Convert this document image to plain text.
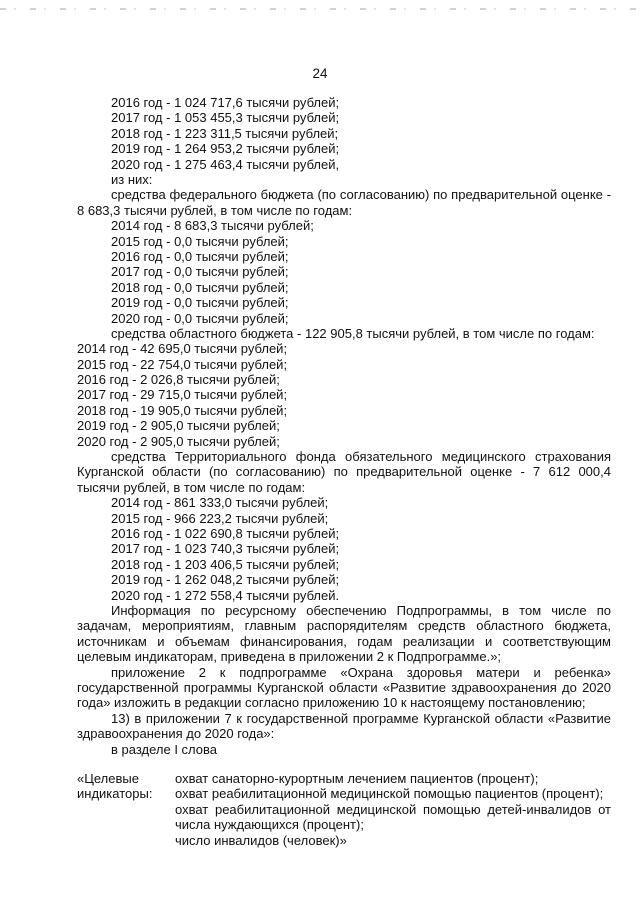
24
2016 год - 1 024 717,6 тысячи рублей;
2017 год - 1 053 455,3 тысячи рублей;
2018 год - 1 223 311,5 тысячи рублей;
2019 год - 1 264 953,2 тысячи рублей;
2020 год - 1 275 463,4 тысячи рублей,
из них:
средства федерального бюджета (по согласованию) по предварительной оценке - 8 683,3 тысячи рублей, в том числе по годам:
2014 год - 8 683,3 тысячи рублей;
2015 год - 0,0 тысячи рублей;
2016 год - 0,0 тысячи рублей;
2017 год - 0,0 тысячи рублей;
2018 год - 0,0 тысячи рублей;
2019 год - 0,0 тысячи рублей;
2020 год - 0,0 тысячи рублей;
средства областного бюджета - 122 905,8 тысячи рублей, в том числе по годам:
2014 год - 42 695,0 тысячи рублей;
2015 год - 22 754,0 тысячи рублей;
2016 год - 2 026,8 тысячи рублей;
2017 год - 29 715,0 тысячи рублей;
2018 год - 19 905,0 тысячи рублей;
2019 год - 2 905,0 тысячи рублей;
2020 год - 2 905,0 тысячи рублей;
средства Территориального фонда обязательного медицинского страхования Курганской области (по согласованию) по предварительной оценке - 7 612 000,4 тысячи рублей, в том числе по годам:
2014 год - 861 333,0 тысячи рублей;
2015 год - 966 223,2 тысячи рублей;
2016 год - 1 022 690,8 тысячи рублей;
2017 год - 1 023 740,3 тысячи рублей;
2018 год - 1 203 406,5 тысячи рублей;
2019 год - 1 262 048,2 тысячи рублей;
2020 год - 1 272 558,4 тысячи рублей.
Информация по ресурсному обеспечению Подпрограммы, в том числе по задачам, мероприятиям, главным распорядителям средств областного бюджета, источникам и объемам финансирования, годам реализации и соответствующим целевым индикаторам, приведена в приложении 2 к Подпрограмме.»;
приложение 2 к подпрограмме «Охрана здоровья матери и ребенка» государственной программы Курганской области «Развитие здравоохранения до 2020 года» изложить в редакции согласно приложению 10 к настоящему постановлению;
13) в приложении 7 к государственной программе Курганской области «Развитие здравоохранения до 2020 года»:
в разделе I слова
«Целевые индикаторы:
охват санаторно-курортным лечением пациентов (процент);
охват реабилитационной медицинской помощью пациентов (процент);
охват реабилитационной медицинской помощью детей-инвалидов от числа нуждающихся (процент);
число инвалидов (человек)»
